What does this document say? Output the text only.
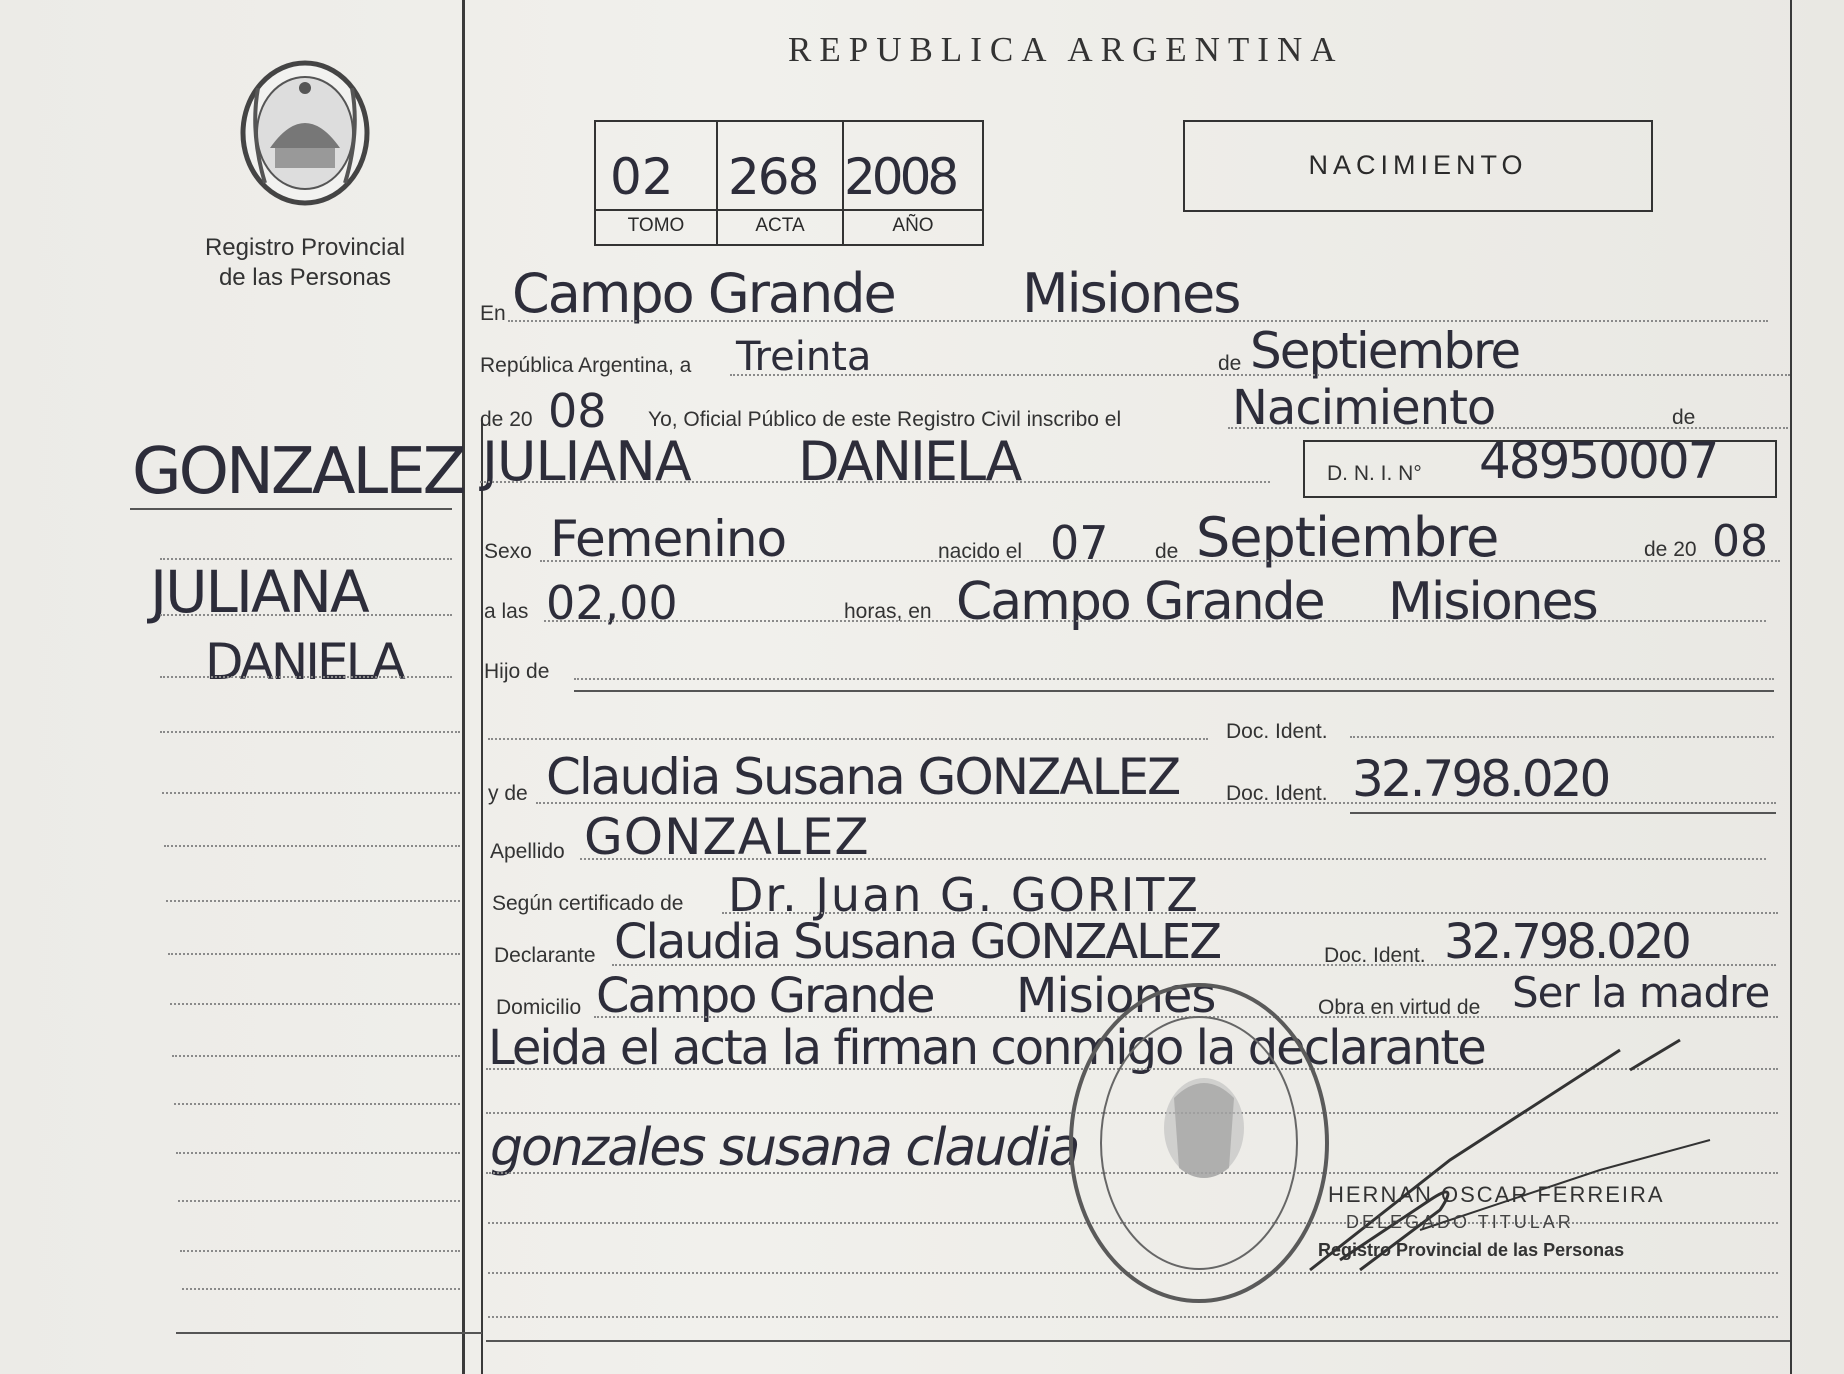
Registro Provincial
de las Personas
REPUBLICA ARGENTINA
02 268 2008
TOMO	ACTA	AÑO
NACIMIENTO
GONZALEZ
JULIANA
DANIELA
En Campo Grande Misiones
República Argentina, a Treinta	de Septiembre
de 20 08 Yo, Oficial Público de este Registro Civil inscribo el Nacimiento	de
JULIANA DANIELA	D. N. I. N° 48950007
Sexo Femenino	nacido el 07 de Septiembre	de 20 08
a las 02,00	horas, en Campo Grande Misiones
Hijo de
Doc. Ident.
y de Claudia Susana GONZALEZ Doc. Ident. 32.798.020
Apellido GONZALEZ
Según certificado de Dr. Juan G. GORITZ
Declarante Claudia Susana GONZALEZ	Doc. Ident. 32.798.020
Domicilio Campo Grande Misiones	Obra en virtud de Ser la madre
Leida el acta la firman conmigo la declarante
gonzales susana claudia
HERNAN OSCAR FERREIRA
DELEGADO TITULAR
Registro Provincial de las Personas
